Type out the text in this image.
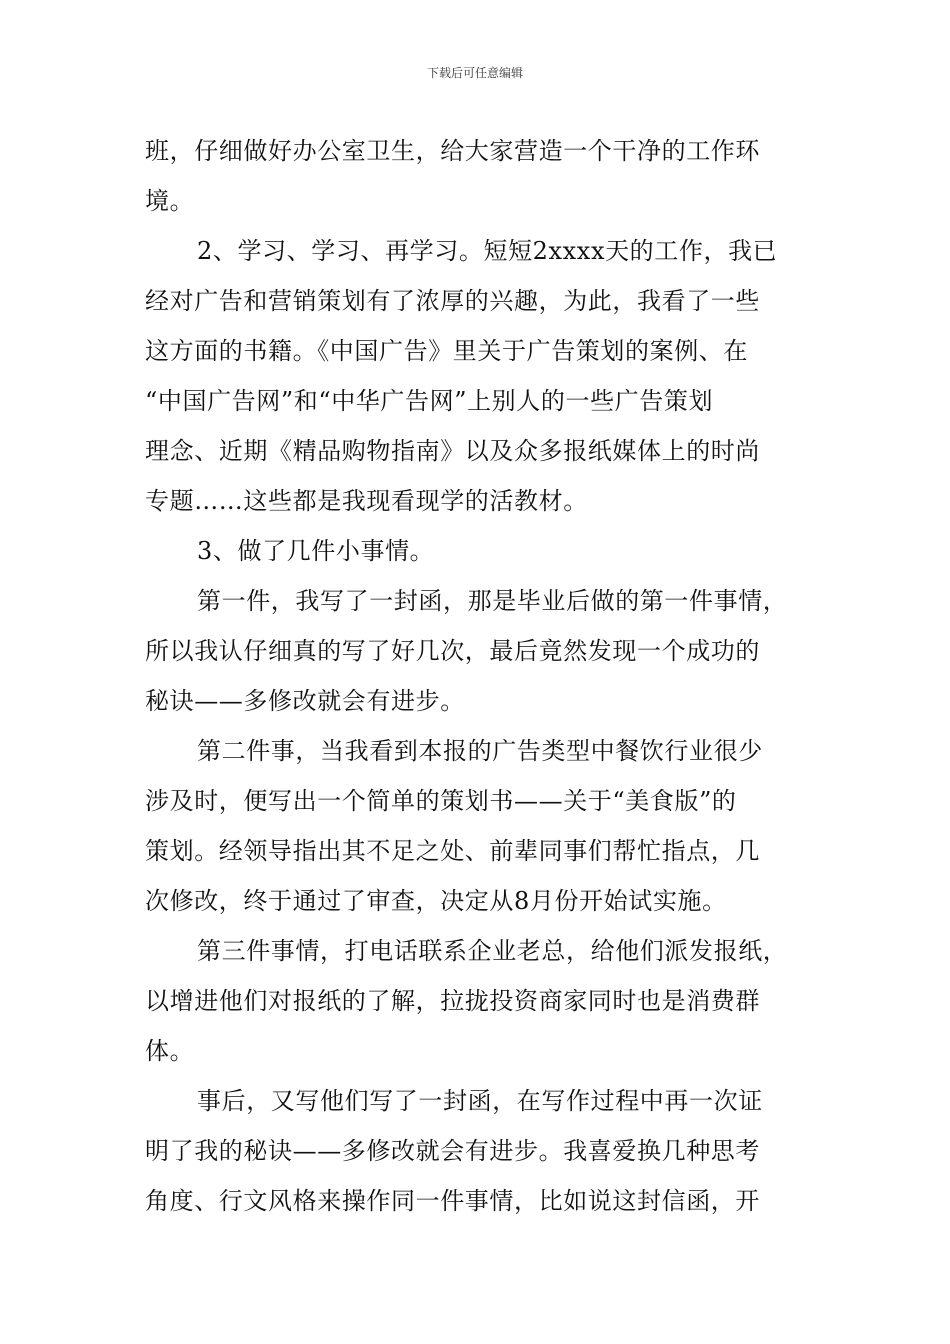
下载后可任意编辑
班，仔细做好办公室卫生，给大家营造一个干净的工作环
境。
2、学习、学习、再学习。短短2xxxx天的工作，我已
经对广告和营销策划有了浓厚的兴趣，为此，我看了一些
这方面的书籍。《中国广告》里关于广告策划的案例、在
“中国广告网”和“中华广告网”上别人的一些广告策划
理念、近期《精品购物指南》以及众多报纸媒体上的时尚
专题……这些都是我现看现学的活教材。
3、做了几件小事情。
第一件，我写了一封函，那是毕业后做的第一件事情，
所以我认仔细真的写了好几次，最后竟然发现一个成功的
秘诀——多修改就会有进步。
第二件事，当我看到本报的广告类型中餐饮行业很少
涉及时，便写出一个简单的策划书——关于“美食版”的
策划。经领导指出其不足之处、前辈同事们帮忙指点，几
次修改，终于通过了审查，决定从8月份开始试实施。
第三件事情，打电话联系企业老总，给他们派发报纸，
以增进他们对报纸的了解，拉拢投资商家同时也是消费群
体。
事后，又写他们写了一封函，在写作过程中再一次证
明了我的秘诀——多修改就会有进步。我喜爱换几种思考
角度、行文风格来操作同一件事情，比如说这封信函，开
